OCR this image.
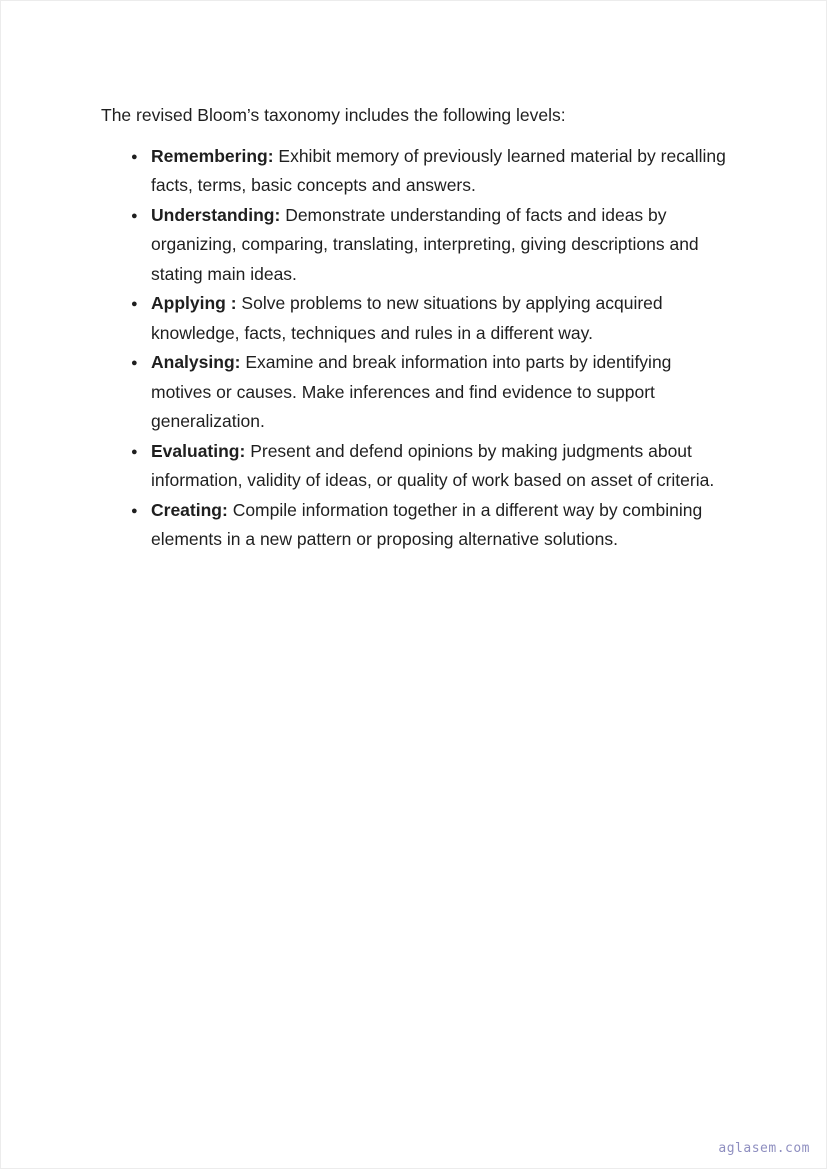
The revised Bloom’s taxonomy includes the following levels:

●
Remembering: Exhibit memory of previously learned material by recalling facts, terms, basic concepts and answers.
●
Understanding: Demonstrate understanding of facts and ideas by organizing, comparing, translating, interpreting, giving descriptions and stating main ideas.
●
Applying : Solve problems to new situations by applying acquired knowledge, facts, techniques and rules in a different way.
●
Analysing: Examine and break information into parts by identifying motives or causes. Make inferences and find evidence to support generalization.
●
Evaluating: Present and defend opinions by making judgments about information, validity of ideas, or quality of work based on asset of criteria.
●
Creating: Compile information together in a different way by combining elements in a new pattern or proposing alternative solutions.
aglasem.com
